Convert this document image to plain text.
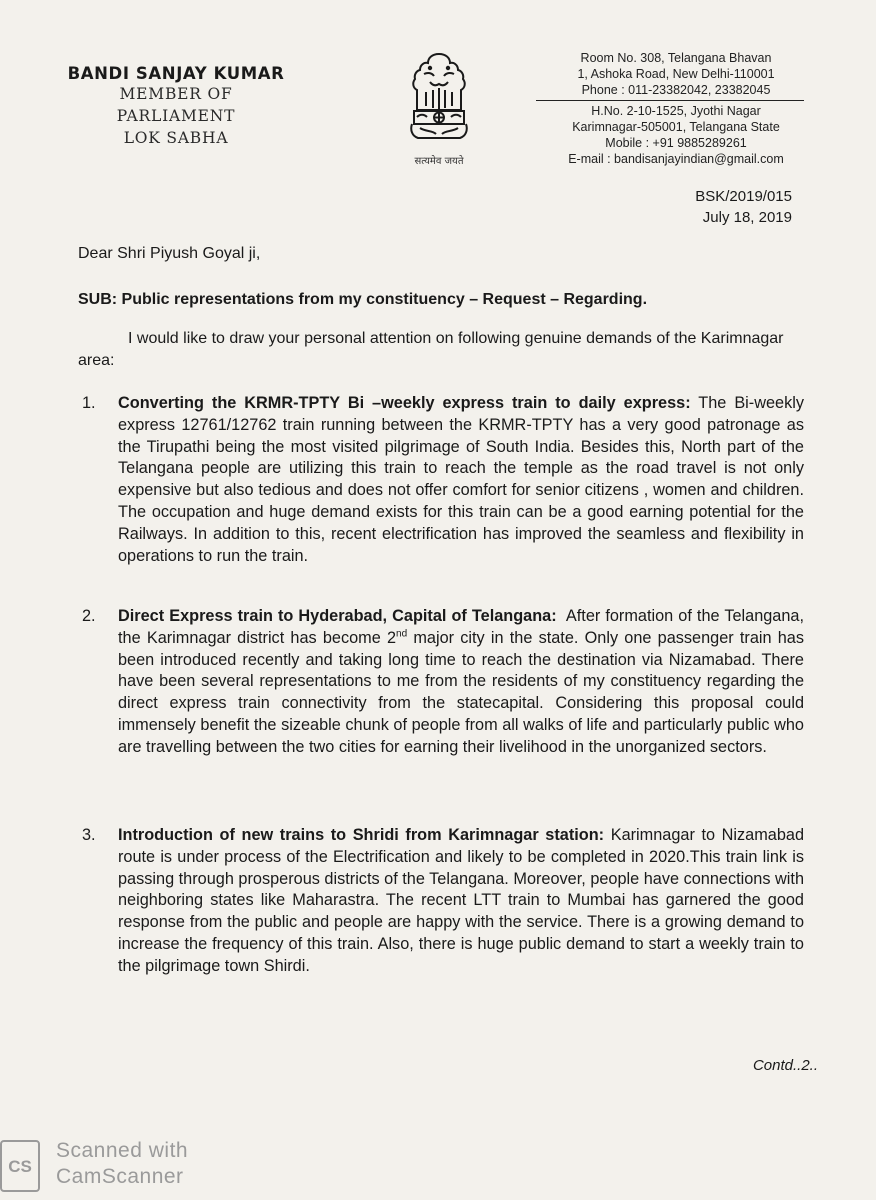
BANDI SANJAY KUMAR
MEMBER OF PARLIAMENT
LOK SABHA
सत्यमेव जयते
Room No. 308, Telangana Bhavan
1, Ashoka Road, New Delhi-110001
Phone : 011-23382042, 23382045
H.No. 2-10-1525, Jyothi Nagar
Karimnagar-505001, Telangana State
Mobile : +91 9885289261
E-mail : bandisanjayindian@gmail.com
BSK/2019/015
July 18, 2019
Dear Shri Piyush Goyal ji,
SUB: Public representations from my constituency – Request – Regarding.

I would like to draw your personal attention on following genuine demands of the Karimnagar area:

1.	Converting the KRMR-TPTY Bi –weekly express train to daily express: The Bi-weekly express 12761/12762 train running between the KRMR-TPTY has a very good patronage as the Tirupathi being the most visited pilgrimage of South India. Besides this, North part of the Telangana people are utilizing this train to reach the temple as the road travel is not only expensive but also tedious and does not offer comfort for senior citizens , women and children. The occupation and huge demand exists for this train can be a good earning potential for the Railways. In addition to this, recent electrification has improved the seamless and flexibility in operations to run the train.
2.	Direct Express train to Hyderabad, Capital of Telangana: After formation of the Telangana, the Karimnagar district has become 2nd major city in the state. Only one passenger train has been introduced recently and taking long time to reach the destination via Nizamabad. There have been several representations to me from the residents of my constituency regarding the direct express train connectivity from the statecapital. Considering this proposal could immensely benefit the sizeable chunk of people from all walks of life and particularly public who are travelling between the two cities for earning their livelihood in the unorganized sectors.
3.	Introduction of new trains to Shridi from Karimnagar station: Karimnagar to Nizamabad route is under process of the Electrification and likely to be completed in 2020.This train link is passing through prosperous districts of the Telangana. Moreover, people have connections with neighboring states like Maharastra. The recent LTT train to Mumbai has garnered the good response from the public and people are happy with the service. There is a growing demand to increase the frequency of this train. Also, there is huge public demand to start a weekly train to the pilgrimage town Shirdi.
Contd..2..
CS
Scanned with
CamScanner
